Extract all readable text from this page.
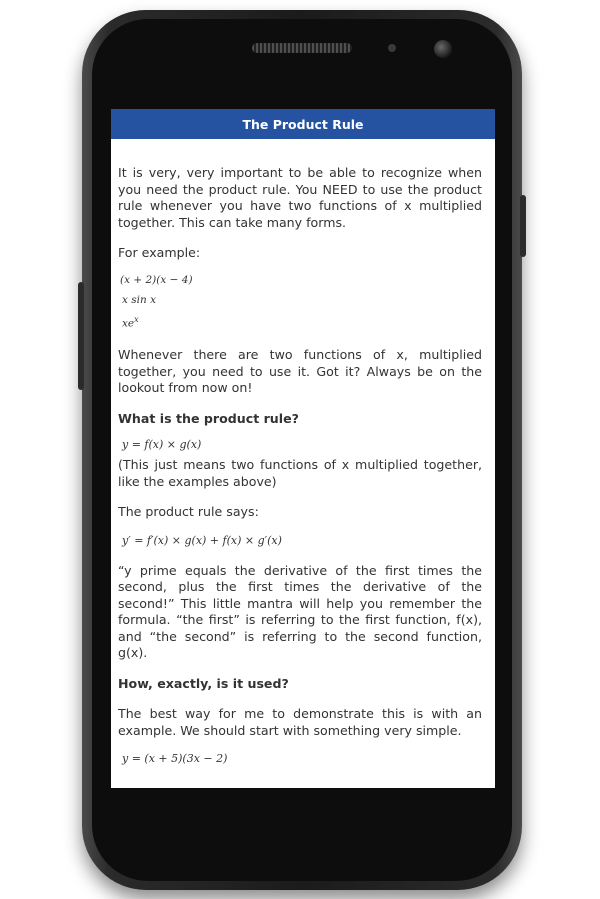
The Product Rule

It is very, very important to be able to recognize when you need the product rule. You NEED to use the product rule whenever you have two functions of x multiplied together. This can take many forms.

For example:

(x + 2)(x − 4)
x sin x
$xe^x$

Whenever there are two functions of x, multiplied together, you need to use it. Got it? Always be on the lookout from now on!

What is the product rule?

y = f(x) × g(x)

(This just means two functions of x multiplied together, like the examples above)

The product rule says:

y′ = f′(x) × g(x) + f(x) × g′(x)

“y prime equals the derivative of the first times the second, plus the first times the derivative of the second!” This little mantra will help you remember the formula. “the first” is referring to the first function, f(x), and “the second” is referring to the second function, g(x).

How, exactly, is it used?

The best way for me to demonstrate this is with an example. We should start with something very simple.

y = (x + 5)(3x − 2)
